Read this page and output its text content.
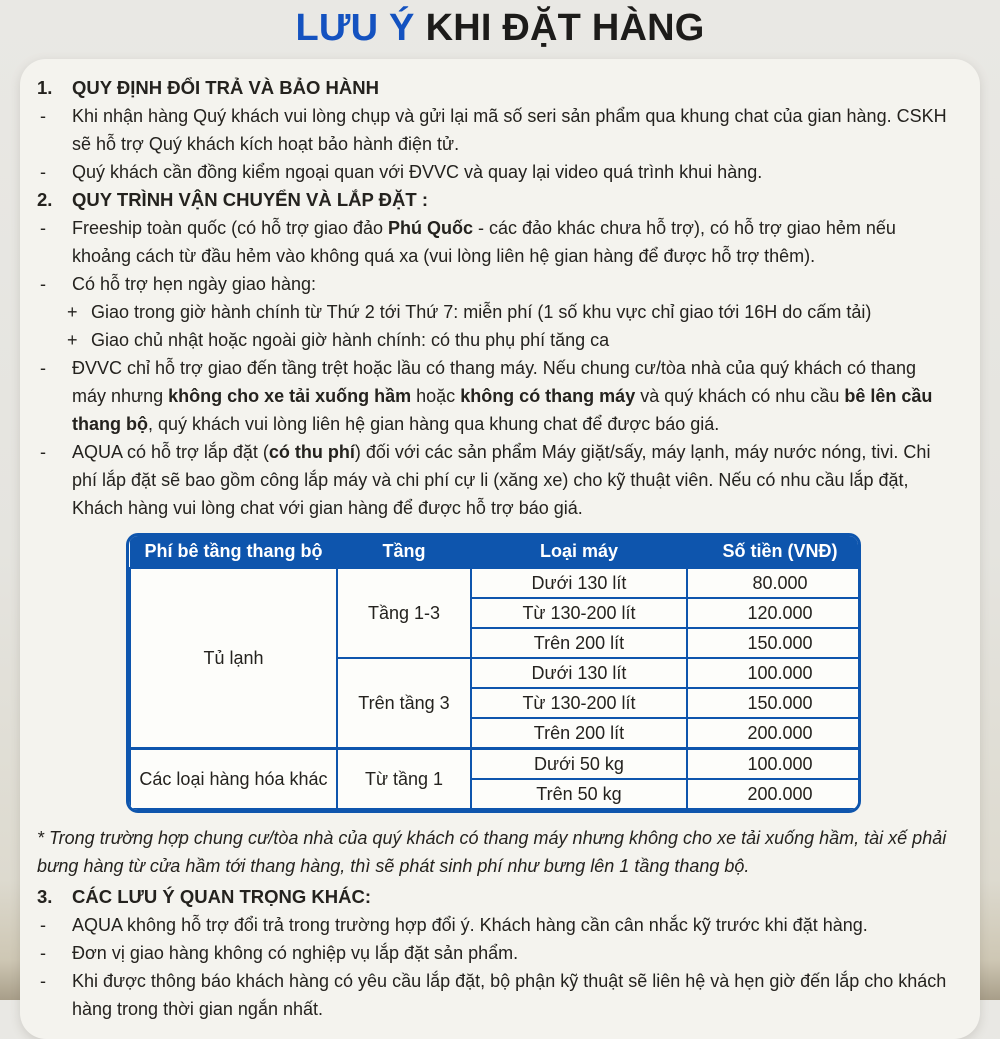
LƯU Ý KHI ĐẶT HÀNG
1.	QUY ĐỊNH ĐỔI TRẢ VÀ BẢO HÀNH
-	Khi nhận hàng Quý khách vui lòng chụp và gửi lại mã số seri sản phẩm qua khung chat của gian hàng. CSKH sẽ hỗ trợ Quý khách kích hoạt bảo hành điện tử.
-	Quý khách cần đồng kiểm ngoại quan với ĐVVC và quay lại video quá trình khui hàng.
2.	QUY TRÌNH VẬN CHUYỂN VÀ LẮP ĐẶT :
-	Freeship toàn quốc (có hỗ trợ giao đảo Phú Quốc - các đảo khác chưa hỗ trợ), có hỗ trợ giao hẻm nếu khoảng cách từ đầu hẻm vào không quá xa (vui lòng liên hệ gian hàng để được hỗ trợ thêm).
-	Có hỗ trợ hẹn ngày giao hàng:
+ Giao trong giờ hành chính từ Thứ 2 tới Thứ 7: miễn phí (1 số khu vực chỉ giao tới 16H do cấm tải)
+ Giao chủ nhật hoặc ngoài giờ hành chính: có thu phụ phí tăng ca
-	ĐVVC chỉ hỗ trợ giao đến tầng trệt hoặc lầu có thang máy. Nếu chung cư/tòa nhà của quý khách có thang máy nhưng không cho xe tải xuống hầm hoặc không có thang máy và quý khách có nhu cầu bê lên cầu thang bộ, quý khách vui lòng liên hệ gian hàng qua khung chat để được báo giá.
-	AQUA có hỗ trợ lắp đặt (có thu phí) đối với các sản phẩm Máy giặt/sấy, máy lạnh, máy nước nóng, tivi. Chi phí lắp đặt sẽ bao gồm công lắp máy và chi phí cự li (xăng xe) cho kỹ thuật viên. Nếu có nhu cầu lắp đặt, Khách hàng vui lòng chat với gian hàng để được hỗ trợ báo giá.
Phí bê tầng thang bộ	Tầng	Loại máy	Số tiền (VNĐ)
Tủ lạnh	Tầng 1-3	Dưới 130 lít	80.000
		Từ 130-200 lít	120.000
		Trên 200 lít	150.000
	Trên tầng 3	Dưới 130 lít	100.000
		Từ 130-200 lít	150.000
		Trên 200 lít	200.000
Các loại hàng hóa khác	Từ tầng 1	Dưới 50 kg	100.000
		Trên 50 kg	200.000
* Trong trường hợp chung cư/tòa nhà của quý khách có thang máy nhưng không cho xe tải xuống hầm, tài xế phải bưng hàng từ cửa hầm tới thang hàng, thì sẽ phát sinh phí như bưng lên 1 tầng thang bộ.
3.	CÁC LƯU Ý QUAN TRỌNG KHÁC:
-	AQUA không hỗ trợ đổi trả trong trường hợp đổi ý. Khách hàng cần cân nhắc kỹ trước khi đặt hàng.
-	Đơn vị giao hàng không có nghiệp vụ lắp đặt sản phẩm.
-	Khi được thông báo khách hàng có yêu cầu lắp đặt, bộ phận kỹ thuật sẽ liên hệ và hẹn giờ đến lắp cho khách hàng trong thời gian ngắn nhất.
